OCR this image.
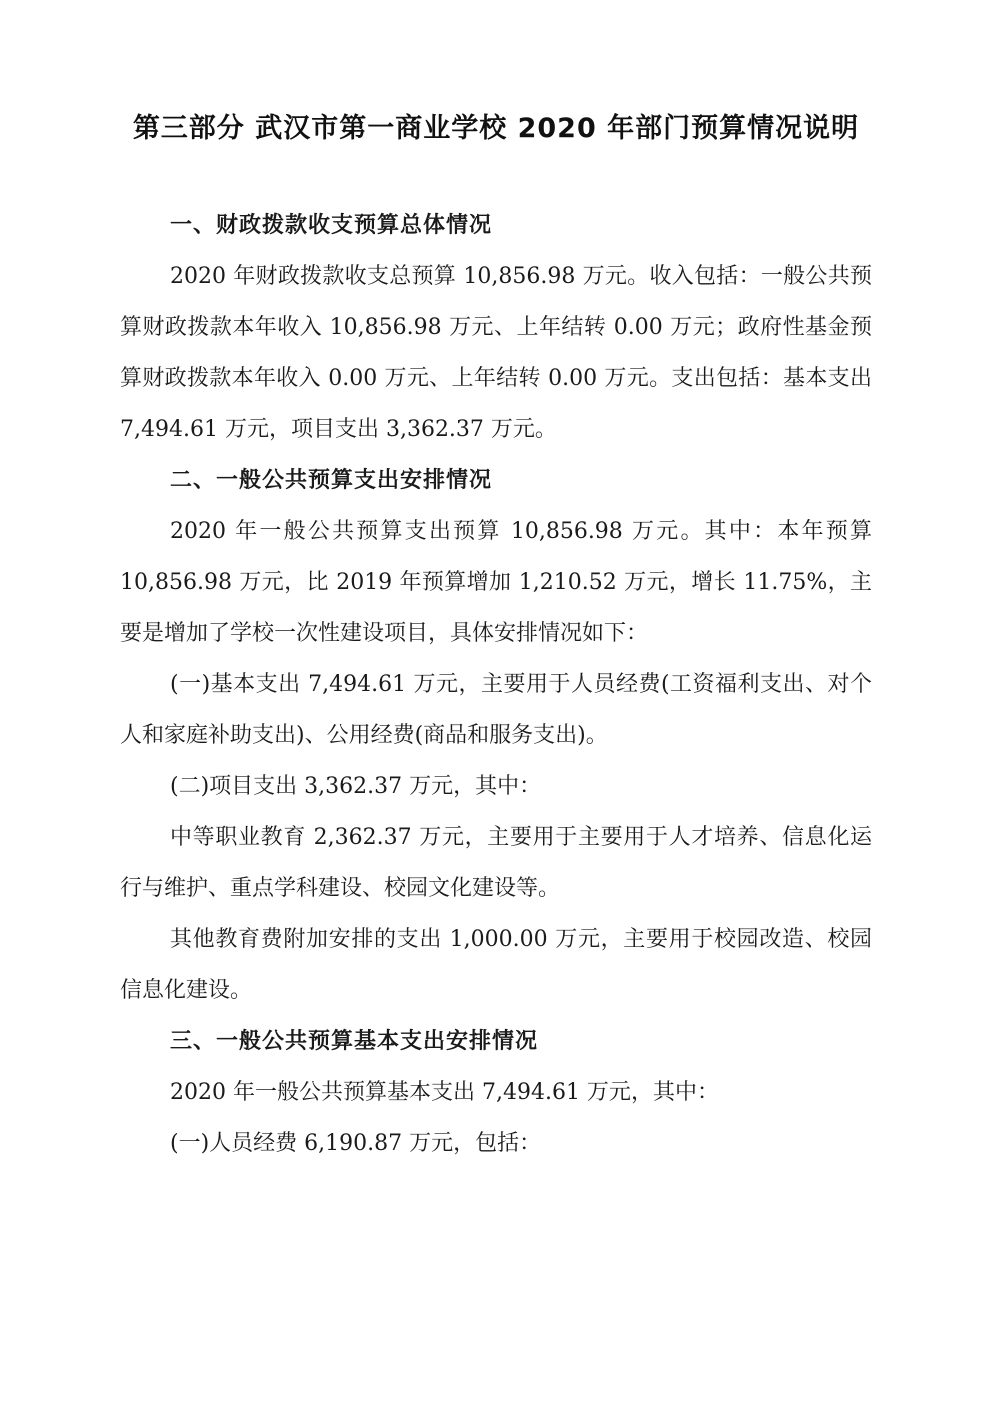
第三部分 武汉市第一商业学校 2020 年部门预算情况说明

一、财政拨款收支预算总体情况

2020 年财政拨款收支总预算 10,856.98 万元。收入包括：一般公共预算财政拨款本年收入 10,856.98 万元、上年结转 0.00 万元；政府性基金预算财政拨款本年收入 0.00 万元、上年结转 0.00 万元。支出包括：基本支出 7,494.61 万元，项目支出 3,362.37 万元。

二、一般公共预算支出安排情况

2020 年一般公共预算支出预算 10,856.98 万元。其中：本年预算 10,856.98 万元，比 2019 年预算增加 1,210.52 万元，增长 11.75%，主要是增加了学校一次性建设项目，具体安排情况如下：

(一)基本支出 7,494.61 万元，主要用于人员经费(工资福利支出、对个人和家庭补助支出)、公用经费(商品和服务支出)。

(二)项目支出 3,362.37 万元，其中：

中等职业教育 2,362.37 万元，主要用于主要用于人才培养、信息化运行与维护、重点学科建设、校园文化建设等。

其他教育费附加安排的支出 1,000.00 万元，主要用于校园改造、校园信息化建设。

三、一般公共预算基本支出安排情况

2020 年一般公共预算基本支出 7,494.61 万元，其中：

(一)人员经费 6,190.87 万元，包括：
